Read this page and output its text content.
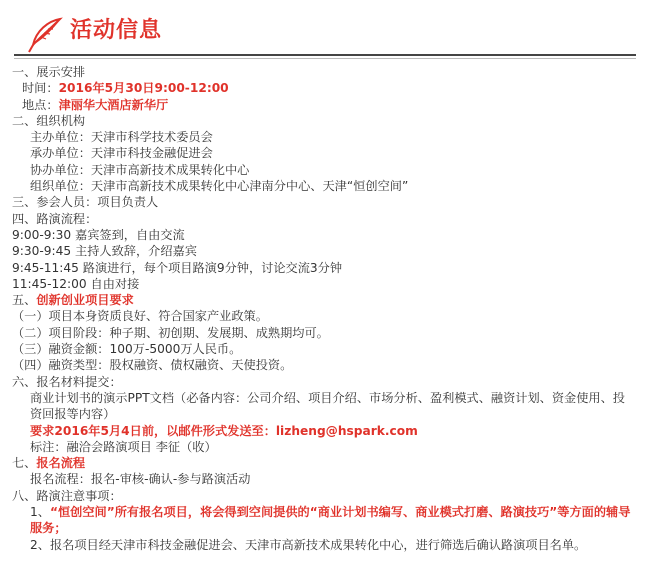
活动信息
一、展示安排
时间：2016年5月30日9:00-12:00
地点：津丽华大酒店新华厅
二、组织机构
主办单位：天津市科学技术委员会
承办单位：天津市科技金融促进会
协办单位：天津市高新技术成果转化中心
组织单位：天津市高新技术成果转化中心津南分中心、天津“恒创空间”
三、参会人员：项目负责人
四、路演流程：
9:00-9:30 嘉宾签到，自由交流
9:30-9:45 主持人致辞，介绍嘉宾
9:45-11:45 路演进行，每个项目路演9分钟，讨论交流3分钟
11:45-12:00 自由对接
五、创新创业项目要求
（一）项目本身资质良好、符合国家产业政策。
（二）项目阶段：种子期、初创期、发展期、成熟期均可。
（三）融资金额：100万-5000万人民币。
（四）融资类型：股权融资、债权融资、天使投资。
六、报名材料提交：
商业计划书的演示PPT文档（必备内容：公司介绍、项目介绍、市场分析、盈利模式、融资计划、资金使用、投资回报等内容）
要求2016年5月4日前，以邮件形式发送至：lizheng@hspark.com
标注：融洽会路演项目 李征（收）
七、报名流程
报名流程：报名-审核-确认-参与路演活动
八、路演注意事项：
1、“恒创空间”所有报名项目，将会得到空间提供的“商业计划书编写、商业模式打磨、路演技巧”等方面的辅导服务；
2、报名项目经天津市科技金融促进会、天津市高新技术成果转化中心，进行筛选后确认路演项目名单。
